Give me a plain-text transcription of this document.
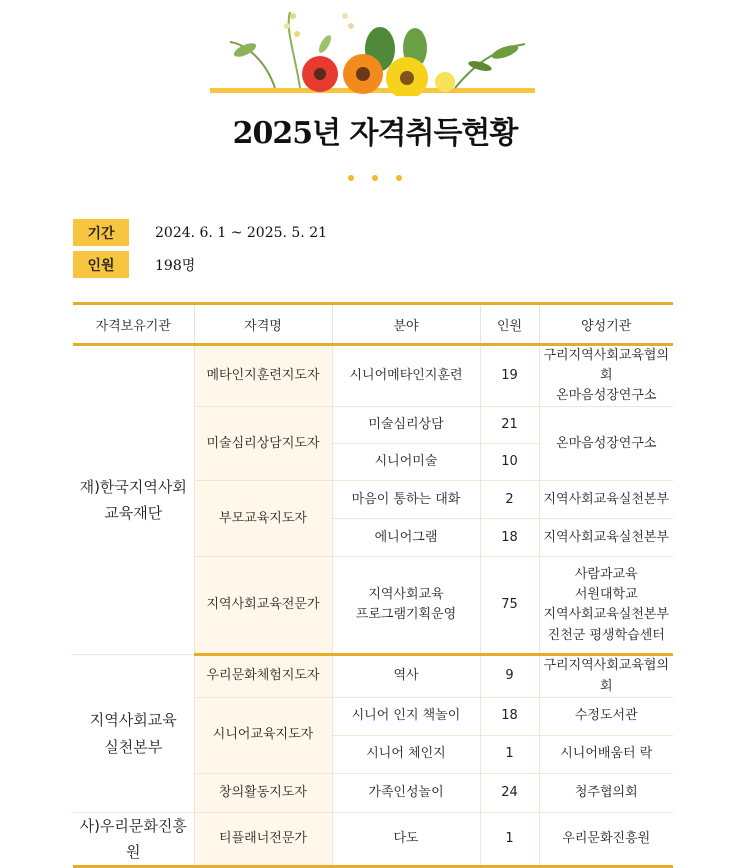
2025년 자격취득현황
기간	2024. 6. 1 ~ 2025. 5. 21
인원	198명
자격보유기관	자격명	분야	인원	양성기관
재)한국지역사회
교육재단	메타인지훈련지도자	시니어메타인지훈련	19	구리지역사회교육협의회
온마음성장연구소
	미술심리상담지도자	미술심리상담	21	온마음성장연구소
		시니어미술	10	
	부모교육지도자	마음이 통하는 대화	2	지역사회교육실천본부
		에니어그램	18	지역사회교육실천본부
	지역사회교육전문가	지역사회교육
프로그램기획운영	75	사람과교육
서원대학교
지역사회교육실천본부
진천군 평생학습센터
지역사회교육
실천본부	우리문화체험지도자	역사	9	구리지역사회교육협의회
	시니어교육지도자	시니어 인지 책놀이	18	수정도서관
		시니어 체인지	1	시니어배움터 락
	창의활동지도자	가족인성놀이	24	청주협의회
사)우리문화진흥원	티플래너전문가	다도	1	우리문화진흥원
